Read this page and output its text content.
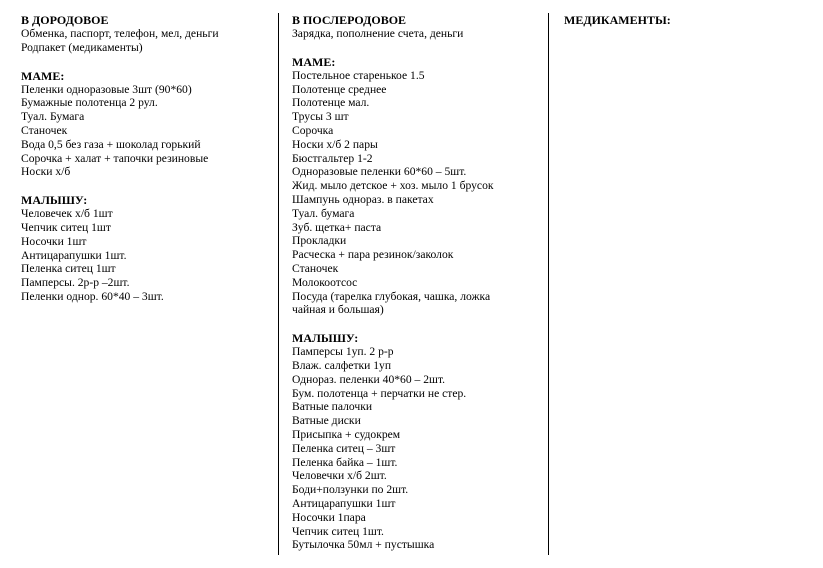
В ДОРОДОВОЕ
Обменка, паспорт, телефон, мел, деньги
Родпакет (медикаменты)
МАМЕ:
Пеленки одноразовые 3шт (90*60)
Бумажные полотенца 2 рул.
Туал. Бумага
Станочек
Вода 0,5 без газа + шоколад горький
Сорочка + халат + тапочки резиновые
Носки х/б
МАЛЫШУ:
Человечек х/б 1шт
Чепчик ситец 1шт
Носочки 1шт
Антицарапушки 1шт.
Пеленка ситец 1шт
Памперсы. 2р-р –2шт.
Пеленки однор. 60*40 – 3шт.
В ПОСЛЕРОДОВОЕ
Зарядка, пополнение счета, деньги
МАМЕ:
Постельное старенькое 1.5
Полотенце среднее
Полотенце мал.
Трусы 3 шт
Сорочка
Носки х/б 2 пары
Бюстгальтер 1-2
Одноразовые пеленки 60*60 – 5шт.
Жид. мыло детское + хоз. мыло 1 брусок
Шампунь однораз. в пакетах
Туал. бумага
Зуб. щетка+ паста
Прокладки
Расческа + пара резинок/заколок
Станочек
Молокоотсос
Посуда (тарелка глубокая, чашка, ложка чайная и большая)
МАЛЫШУ:
Памперсы 1уп. 2 р-р
Влаж. салфетки 1уп
Однораз. пеленки 40*60 – 2шт.
Бум. полотенца + перчатки не стер.
Ватные палочки
Ватные диски
Присыпка + судокрем
Пеленка ситец – 3шт
Пеленка байка – 1шт.
Человечки х/б 2шт.
Боди+ползунки по 2шт.
Антицарапушки 1шт
Носочки 1пара
Чепчик ситец 1шт.
Бутылочка 50мл + пустышка
МЕДИКАМЕНТЫ:
